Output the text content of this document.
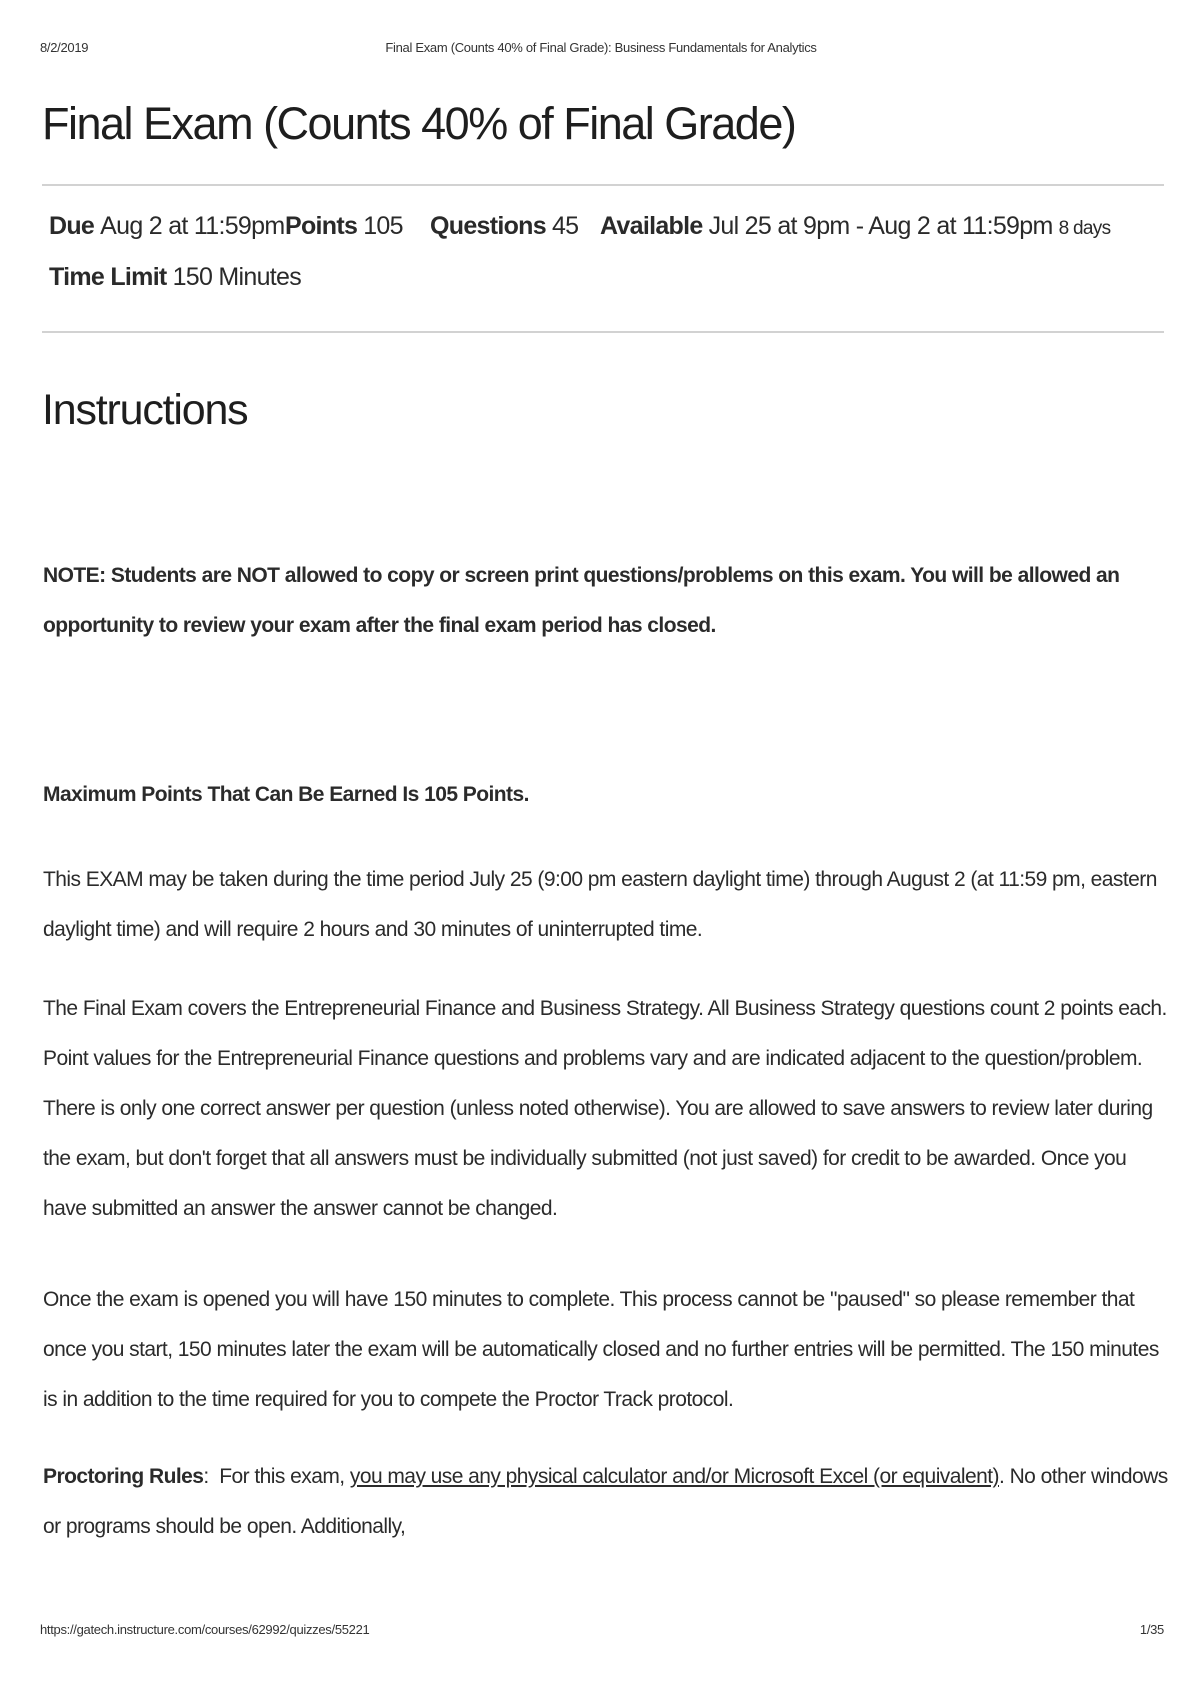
8/2/2019	Final Exam (Counts 40% of Final Grade): Business Fundamentals for Analytics
Final Exam (Counts 40% of Final Grade)
Due Aug 2 at 11:59pm Points 105 Questions 45 Available Jul 25 at 9pm - Aug 2 at 11:59pm 8 days
Time Limit 150 Minutes
Instructions

NOTE: Students are NOT allowed to copy or screen print questions/problems on this exam. You will be allowed an opportunity to review your exam after the final exam period has closed.

Maximum Points That Can Be Earned Is 105 Points.

This EXAM may be taken during the time period July 25 (9:00 pm eastern daylight time) through August 2 (at 11:59 pm, eastern daylight time) and will require 2 hours and 30 minutes of uninterrupted time.

The Final Exam covers the Entrepreneurial Finance and Business Strategy. All Business Strategy questions count 2 points each. Point values for the Entrepreneurial Finance questions and problems vary and are indicated adjacent to the question/problem. There is only one correct answer per question (unless noted otherwise). You are allowed to save answers to review later during the exam, but don't forget that all answers must be individually submitted (not just saved) for credit to be awarded. Once you have submitted an answer the answer cannot be changed.

Once the exam is opened you will have 150 minutes to complete. This process cannot be "paused" so please remember that once you start, 150 minutes later the exam will be automatically closed and no further entries will be permitted. The 150 minutes is in addition to the time required for you to compete the Proctor Track protocol.

Proctoring Rules:  For this exam, you may use any physical calculator and/or Microsoft Excel (or equivalent). No other windows or programs should be open. Additionally,

https://gatech.instructure.com/courses/62992/quizzes/55221	1/35
